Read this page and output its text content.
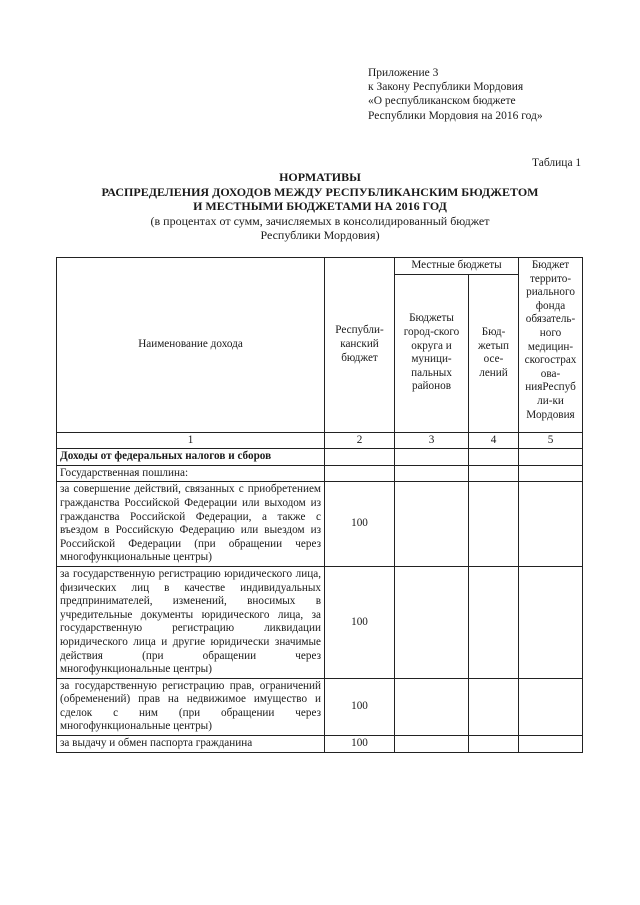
Приложение 3
к Закону Республики Мордовия
«О республиканском бюджете
Республики Мордовия на 2016 год»
Таблица 1
НОРМАТИВЫ
РАСПРЕДЕЛЕНИЯ ДОХОДОВ МЕЖДУ РЕСПУБЛИКАНСКИМ БЮДЖЕТОМ
И МЕСТНЫМИ БЮДЖЕТАМИ НА 2016 ГОД
(в процентах от сумм, зачисляемых в консолидированный бюджет
Республики Мордовия)
Наименование дохода	Республи-канский бюджет	Местные бюджеты		Бюджет террито-риального фонда обязатель-ного медицин-скогострах ова-нияРеспуб ли-ки Мордовия
		Бюджеты город-ского округа и муници-пальных районов	Бюд-жетып осе-лений	
1	2	3	4	5
Доходы от федеральных налогов и сборов				
Государственная пошлина:				
за совершение действий, связанных с приобретением гражданства Российской Федерации или выходом из гражданства Российской Федерации, а также с въездом в Российскую Федерацию или выездом из Российской Федерации (при обращении через многофункциональные центры)	100			
за государственную регистрацию юридического лица, физических лиц в качестве индивидуальных предпринимателей, изменений, вносимых в учредительные документы юридического лица, за государственную регистрацию ликвидации юридического лица и другие юридически значимые действия (при обращении через многофункциональные центры)	100			
за государственную регистрацию прав, ограничений (обременений) прав на недвижимое имущество и сделок с ним (при обращении через многофункциональные центры)	100			
за выдачу и обмен паспорта гражданина	100			
